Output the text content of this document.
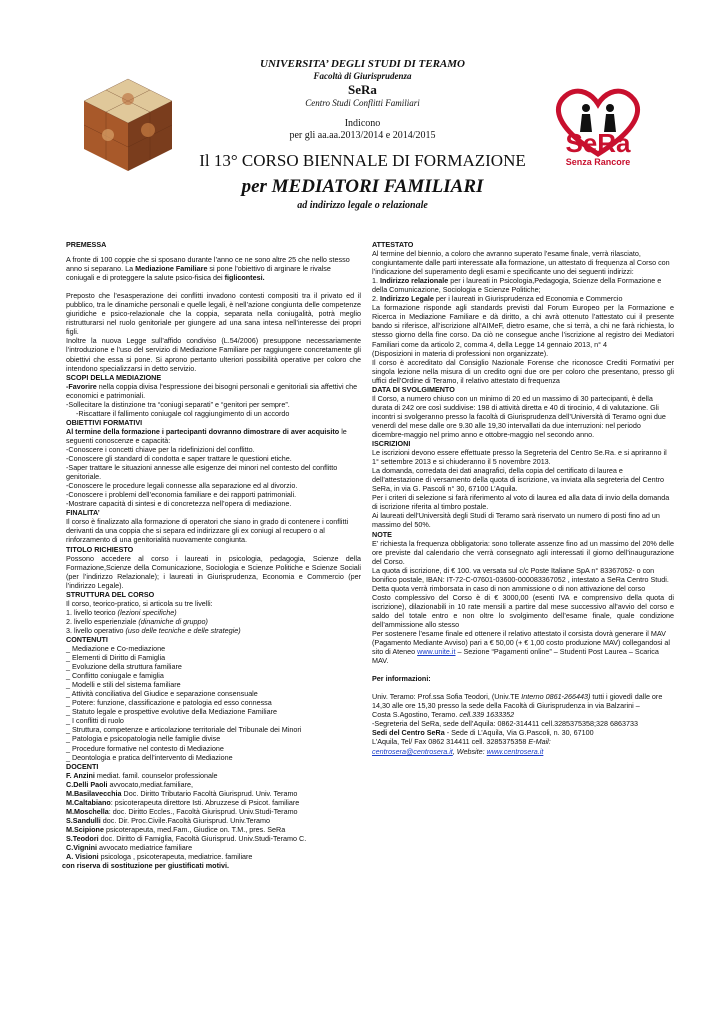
UNIVERSITA’ DEGLI STUDI DI TERAMO
Facoltà di Giurisprudenza
SeRa
Centro Studi Conflitti Familiari
Indicono
per gli aa.aa.2013/2014 e 2014/2015
Il 13° CORSO BIENNALE DI FORMAZIONE
per MEDIATORI FAMILIARI
ad indirizzo legale o relazionale
SeRa
Senza Rancore

PREMESSA

A fronte di 100 coppie che si sposano durante l’anno ce ne sono altre 25 che nello stesso anno si separano. La Mediazione Familiare si pone l’obiettivo di arginare le rivalse coniugali e di proteggere la salute psico-fisica dei figlicontesi.

Preposto che l’esasperazione dei conflitti invadono contesti compositi tra il privato ed il pubblico, tra le dinamiche personali e quelle legali, è nell’azione congiunta delle competenze giuridiche e psico-relazionale che la coppia, separata nella coniugalità, potrà meglio ristrutturarsi nel ruolo genitoriale per giungere ad una sana intesa nell’interesse dei propri figli.

Inoltre la nuova Legge sull’affido condiviso (L.54/2006) presuppone necessariamente l’introduzione e l’uso del servizio di Mediazione Familiare per raggiungere concretamente gli obiettivi che essa si pone. Si aprono pertanto ulteriori possibilità operative per coloro che intendono specializzarsi in detto servizio.

SCOPI DELLA MEDIAZIONE

-Favorire nella coppia divisa l’espressione dei bisogni personali e genitoriali sia affettivi che economici e patrimoniali.

-Sollecitare la distinzione tra “coniugi separati” e “genitori per sempre”.

-Riscattare il fallimento coniugale col raggiungimento di un accordo

OBIETTIVI FORMATIVI

Al termine della formazione i partecipanti dovranno dimostrare di aver acquisito le seguenti conoscenze e capacità:

-Conoscere i concetti chiave per la ridefinizioni del conflitto.

-Conoscere gli standard di condotta e saper trattare le questioni etiche.

-Saper trattare le situazioni annesse alle esigenze dei minori nel contesto del conflitto genitoriale.

-Conoscere le procedure legali connesse alla separazione ed al divorzio.

-Conoscere i problemi dell’economia familiare e dei rapporti patrimoniali.

-Mostrare capacità di sintesi e di concretezza nell’opera di mediazione.

FINALITA’

Il corso è finalizzato alla formazione di operatori che siano in grado di contenere i conflitti derivanti da una coppia che si separa ed indirizzare gli ex coniugi al recupero o al rinforzamento di una genitorialità nuovamente congiunta.

TITOLO RICHIESTO

Possono accedere al corso i laureati in psicologia, pedagogia, Scienze della Formazione,Scienze della Comunicazione, Sociologia e Scienze Politiche e Scienze Sociali (per l’indirizzo Relazionale); i laureati in Giurisprudenza, Economia e Commercio (per l’indirizzo Legale).

STRUTTURA DEL CORSO

Il corso, teorico-pratico, si articola su tre livelli:

1. livello teorico (lezioni specifiche)

2. livello esperienziale (dinamiche di gruppo)

3. livello operativo (uso delle tecniche e delle strategie)

CONTENUTI

_ Mediazione e Co-mediazione

_ Elementi di Diritto di Famiglia

_ Evoluzione della struttura familiare

_ Conflitto coniugale e famiglia

_ Modelli e stili del sistema familiare

_ Attività conciliativa del Giudice e separazione consensuale

_ Potere: funzione, classificazione e patologia ed esso connessa

_ Statuto legale e prospettive evolutive della Mediazione Familiare

_ I conflitti di ruolo

_ Struttura, competenze e articolazione territoriale del Tribunale dei Minori

_ Patologia e psicopatologia nelle famiglie divise

_ Procedure formative nel contesto di Mediazione

_ Deontologia e pratica dell’intervento di Mediazione

DOCENTI

F. Anzini mediat. famil. counselor professionale

C.Delli Paoli avvocato,mediat.familiare,

M.Basilavecchia Doc. Diritto Tributario Facoltà Giurisprud. Univ. Teramo

M.Caltabiano: psicoterapeuta direttore Isti. Abruzzese di Psicot. familiare

M.Moschella: doc. Diritto Eccles., Facoltà Giurisprud. Univ.Studi-Teramo

S.Sandulli doc. Dir. Proc.Civile.Facoltà Giurisprud. Univ.Teramo

M.Scipione psicoterapeuta, med.Fam., Giudice on. T.M., pres. SeRa

S.Teodori doc. Diritto di Famiglia, Facoltà Giurisprud. Univ.Studi-Teramo C.

C.Vignini avvocato mediatrice familiare

A. Visioni psicologa , psicoterapeuta, mediatrice. familiare

con riserva di sostituzione per giustificati motivi.

ATTESTATO

Al termine del biennio, a coloro che avranno superato l’esame finale, verrà rilasciato, congiuntamente dalle parti interessate alla formazione, un attestato di frequenza al Corso con l’indicazione del superamento degli esami e specificante uno dei seguenti indirizzi:

1. Indirizzo relazionale per i laureati in Psicologia,Pedagogia, Scienze della Formazione e della Comunicazione, Sociologia e Scienze Politiche;

2. Indirizzo Legale per i laureati in Giurisprudenza ed Economia e Commercio

La formazione risponde agli standards previsti dal Forum Europeo per la Formazione e Ricerca in Mediazione Familiare e dà diritto, a chi avrà ottenuto l’attestato cui il presente bando si riferisce, all’iscrizione all’AIMeF, dietro esame, che si terrà, a chi ne farà richiesta, lo stesso giorno della fine corso. Da ciò ne consegue anche l’iscrizione al registro dei Mediatori Familiari come da articolo 2, comma 4, della Legge 14 gennaio 2013, n° 4

(Disposizioni in materia di professioni non organizzate).

Il corso è accreditato dal Consiglio Nazionale Forense che riconosce Crediti Formativi per singola lezione nella misura di un credito ogni due ore per coloro che presentano, presso gli uffici dell’Ordine di Teramo, il relativo attestato di frequenza

DATA DI SVOLGIMENTO

Il Corso, a numero chiuso con un minimo di 20 ed un massimo di 30 partecipanti, è della durata di 242 ore così suddivise: 198 di attività diretta e 40 di tirocinio, 4 di valutazione. Gli incontri si svolgeranno presso la facoltà di Giurisprudenza dell’Università di Teramo ogni due venerdì del mese dalle ore 9.30 alle 19,30 intervallati da due interruzioni: nel periodo dicembre-maggio nel primo anno e ottobre-maggio nel secondo anno.

ISCRIZIONI

Le iscrizioni devono essere effettuate presso la Segreteria del Centro Se.Ra. e si apriranno il 1° settembre 2013 e si chiuderanno il 5 novembre 2013.

La domanda, corredata dei dati anagrafici, della copia del certificato di laurea e dell’attestazione di versamento della quota di iscrizione, va inviata alla segreteria del Centro SeRa, in via G. Pascoli n° 30, 67100 L’Aquila.

Per i criteri di selezione si farà riferimento al voto di laurea ed alla data di invio della domanda di iscrizione riferita al timbro postale.

Ai laureati dell’Università degli Studi di Teramo sarà riservato un numero di posti fino ad un massimo del 50%.

NOTE

E’ richiesta la frequenza obbligatoria: sono tollerate assenze fino ad un massimo del 20% delle ore previste dal calendario che verrà consegnato agli interessati il giorno dell’inaugurazione del Corso.

La quota di iscrizione, di € 100. va versata sul c/c Poste Italiane SpA n° 83367052- o con bonifico postale, IBAN: IT-72-C-07601-03600-000083367052 , intestato a SeRa Centro Studi. Detta quota verrà rimborsata in caso di non ammissione o di non attivazione del corso

Costo complessivo del Corso è di € 3000,00 (esenti IVA e comprensivo della quota di iscrizione), dilazionabili in 10 rate mensili a partire dal mese successivo all’avvio del corso e saldo del totale entro e non oltre lo svolgimento dell’esame finale, quale condizione dell’ammissione allo stesso

Per sostenere l’esame finale ed ottenere il relativo attestato il corsista dovrà generare il MAV (Pagamento Mediante Avviso) pari a € 50,00 (+ € 1,00 costo produzione MAV) collegandosi al sito di Ateneo www.unite.it – Sezione “Pagamenti online” – Studenti Post Laurea – Scarica MAV.

Per informazioni:

Univ. Teramo: Prof.ssa Sofia Teodori, (Univ.TE Interno 0861-266443) tutti i giovedì dalle ore 14,30 alle ore 15,30 presso la sede della Facoltà di Giurisprudenza in via Balzarini –

Costa S.Agostino, Teramo. cell.339 1633352

-Segreteria del SeRa, sede dell’Aquila: 0862-314411 cell.3285375358;328 6863733

Sedi del Centro SeRa - Sede di L’Aquila, Via G.Pascoli, n. 30, 67100

L’Aquila, Tel/ Fax 0862 314411 cell. 3285375358 E-Mail:

centrosera@centrosera.it, Website: www.centrosera.it
